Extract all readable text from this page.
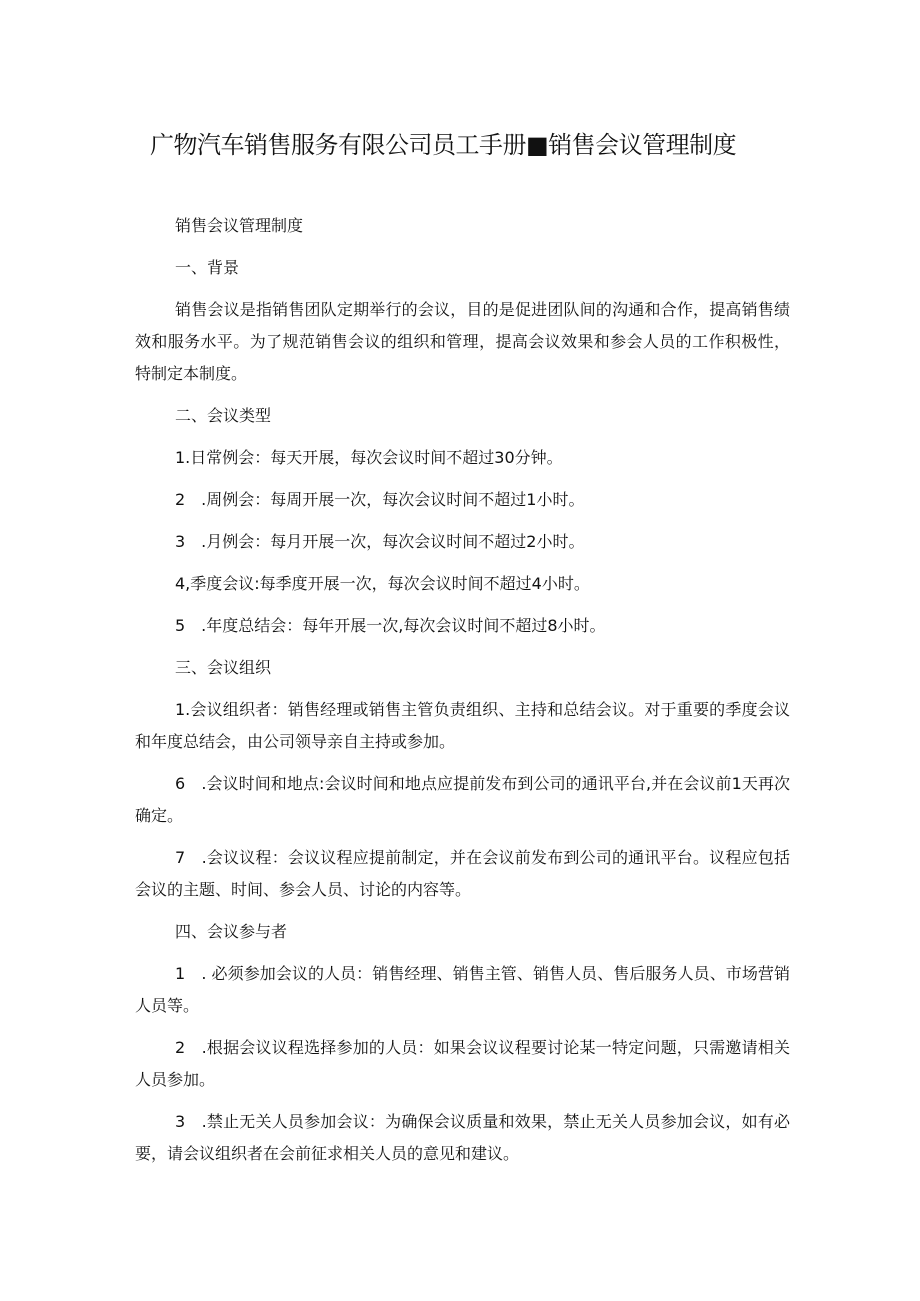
广物汽车销售服务有限公司员工手册■销售会议管理制度

销售会议管理制度

一、背景

销售会议是指销售团队定期举行的会议，目的是促进团队间的沟通和合作，提高销售绩效和服务水平。为了规范销售会议的组织和管理，提高会议效果和参会人员的工作积极性，特制定本制度。

二、会议类型

1.日常例会：每天开展，每次会议时间不超过30分钟。

2　.周例会：每周开展一次，每次会议时间不超过1小时。

3　.月例会：每月开展一次，每次会议时间不超过2小时。

4,季度会议:每季度开展一次，每次会议时间不超过4小时。

5　.年度总结会：每年开展一次,每次会议时间不超过8小时。

三、会议组织

1.会议组织者：销售经理或销售主管负责组织、主持和总结会议。对于重要的季度会议和年度总结会，由公司领导亲自主持或参加。

6　.会议时间和地点:会议时间和地点应提前发布到公司的通讯平台,并在会议前1天再次确定。

7　.会议议程：会议议程应提前制定，并在会议前发布到公司的通讯平台。议程应包括会议的主题、时间、参会人员、讨论的内容等。

四、会议参与者

1　. 必须参加会议的人员：销售经理、销售主管、销售人员、售后服务人员、市场营销人员等。

2　.根据会议议程选择参加的人员：如果会议议程要讨论某一特定问题，只需邀请相关人员参加。

3　.禁止无关人员参加会议：为确保会议质量和效果，禁止无关人员参加会议，如有必要，请会议组织者在会前征求相关人员的意见和建议。
